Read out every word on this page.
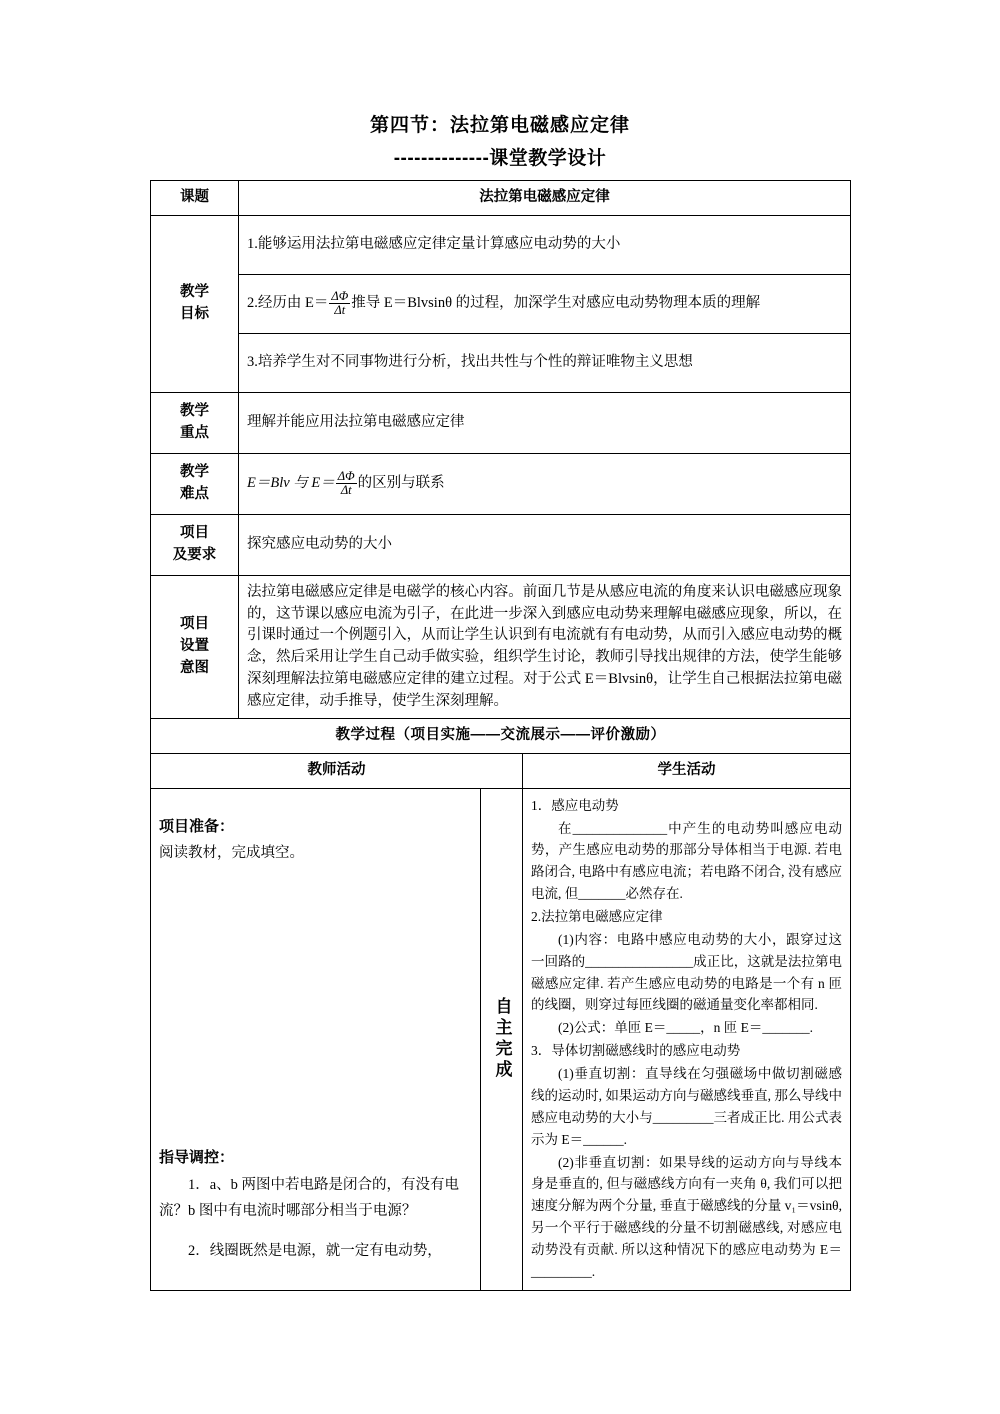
第四节：法拉第电磁感应定律
--------------课堂教学设计
课题	法拉第电磁感应定律

教学
目标	1.能够运用法拉第电磁感应定律定量计算感应电动势的大小
	2.经历由 $E= \frac{\Delta\Phi}{\Delta t}$ 推导 E＝Blvsinθ 的过程，加深学生对感应电动势物理本质的理解
	3.培养学生对不同事物进行分析，找出共性与个性的辩证唯物主义思想

教学
重点	理解并能应用法拉第电磁感应定律

教学
难点	E＝Blv 与 $E= \frac{\Delta\Phi}{\Delta t}$ 的区别与联系

项目
及要求	探究感应电动势的大小

项目
设置
意图
	法拉第电磁感应定律是电磁学的核心内容。前面几节是从感应电流的角度来认识电磁感应现象的，这节课以感应电流为引子，在此进一步深入到感应电动势来理解电磁感应现象，所以，在引课时通过一个例题引入，从而让学生认识到有电流就有有电动势，从而引入感应电动势的概念，然后采用让学生自己动手做实验，组织学生讨论，教师引导找出规律的方法，使学生能够深刻理解法拉第电磁感应定律的建立过程。对于公式 E＝Blvsinθ，让学生自己根据法拉第电磁感应定律，动手推导，使学生深刻理解。
教学过程（项目实施——交流展示——评价激励）	
教师活动		学生活动

项目准备：
阅读教材，完成填空。
指导调控：
1．a、b 两图中若电路是闭合的，有没有电流？b 图中有电流时哪部分相当于电源？
2．线圈既然是电源，就一定有电动势，

自主完成

1．感应电动势

在______________中产生的电动势叫感应电动势，产生感应电动势的那部分导体相当于电源. 若电路闭合, 电路中有感应电流；若电路不闭合, 没有感应电流, 但_______必然存在.

2.法拉第电磁感应定律

(1)内容：电路中感应电动势的大小，跟穿过这一回路的________________成正比，这就是法拉第电磁感应定律. 若产生感应电动势的电路是一个有 n 匝的线圈，则穿过每匝线圈的磁通量变化率都相同.

(2)公式：单匝 E＝_____，n 匝 E＝_______.

3．导体切割磁感线时的感应电动势

(1)垂直切割：直导线在匀强磁场中做切割磁感线的运动时, 如果运动方向与磁感线垂直, 那么导线中感应电动势的大小与_________三者成正比. 用公式表示为 E＝______.

(2)非垂直切割：如果导线的运动方向与导线本身是垂直的, 但与磁感线方向有一夹角 θ, 我们可以把速度分解为两个分量, 垂直于磁感线的分量 v₁＝vsinθ, 另一个平行于磁感线的分量不切割磁感线, 对感应电动势没有贡献. 所以这种情况下的感应电动势为 E＝_________.
